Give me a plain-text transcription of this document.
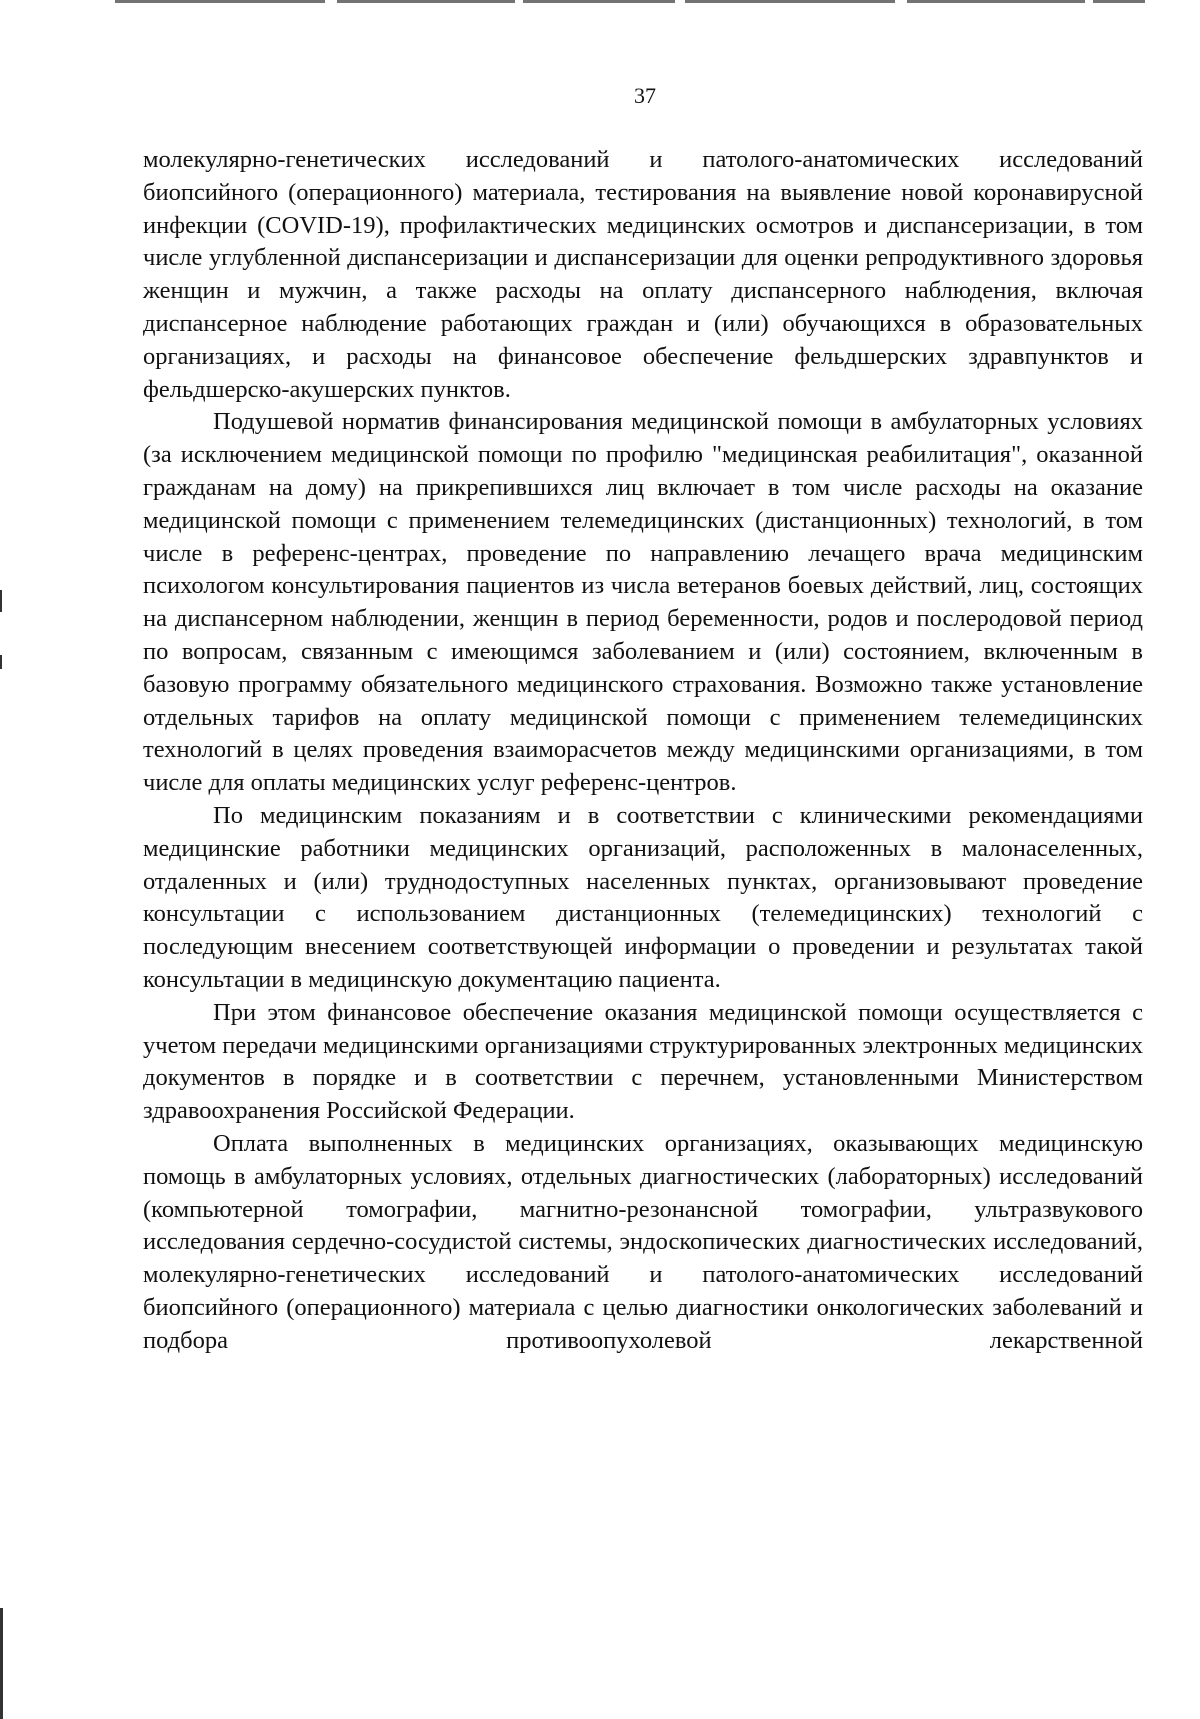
37

молекулярно-генетических исследований и патолого-анатомических исследований биопсийного (операционного) материала, тестирования на выявление новой коронавирусной инфекции (COVID-19), профилактических медицинских осмотров и диспансеризации, в том числе углубленной диспансеризации и диспансеризации для оценки репродуктивного здоровья женщин и мужчин, а также расходы на оплату диспансерного наблюдения, включая диспансерное наблюдение работающих граждан и (или) обучающихся в образовательных организациях, и расходы на финансовое обеспечение фельдшерских здравпунктов и фельдшерско-акушерских пунктов.

Подушевой норматив финансирования медицинской помощи в амбулаторных условиях (за исключением медицинской помощи по профилю "медицинская реабилитация", оказанной гражданам на дому) на прикрепившихся лиц включает в том числе расходы на оказание медицинской помощи с применением телемедицинских (дистанционных) технологий, в том числе в референс-центрах, проведение по направлению лечащего врача медицинским психологом консультирования пациентов из числа ветеранов боевых действий, лиц, состоящих на диспансерном наблюдении, женщин в период беременности, родов и послеродовой период по вопросам, связанным с имеющимся заболеванием и (или) состоянием, включенным в базовую программу обязательного медицинского страхования. Возможно также установление отдельных тарифов на оплату медицинской помощи с применением телемедицинских технологий в целях проведения взаиморасчетов между медицинскими организациями, в том числе для оплаты медицинских услуг референс-центров.

По медицинским показаниям и в соответствии с клиническими рекомендациями медицинские работники медицинских организаций, расположенных в малонаселенных, отдаленных и (или) труднодоступных населенных пунктах, организовывают проведение консультации с использованием дистанционных (телемедицинских) технологий с последующим внесением соответствующей информации о проведении и результатах такой консультации в медицинскую документацию пациента.

При этом финансовое обеспечение оказания медицинской помощи осуществляется с учетом передачи медицинскими организациями структурированных электронных медицинских документов в порядке и в соответствии с перечнем, установленными Министерством здравоохранения Российской Федерации.

Оплата выполненных в медицинских организациях, оказывающих медицинскую помощь в амбулаторных условиях, отдельных диагностических (лабораторных) исследований (компьютерной томографии, магнитно-резонансной томографии, ультразвукового исследования сердечно-сосудистой системы, эндоскопических диагностических исследований, молекулярно-генетических исследований и патолого-анатомических исследований биопсийного (операционного) материала с целью диагностики онкологических заболеваний и подбора противоопухолевой лекарственной
